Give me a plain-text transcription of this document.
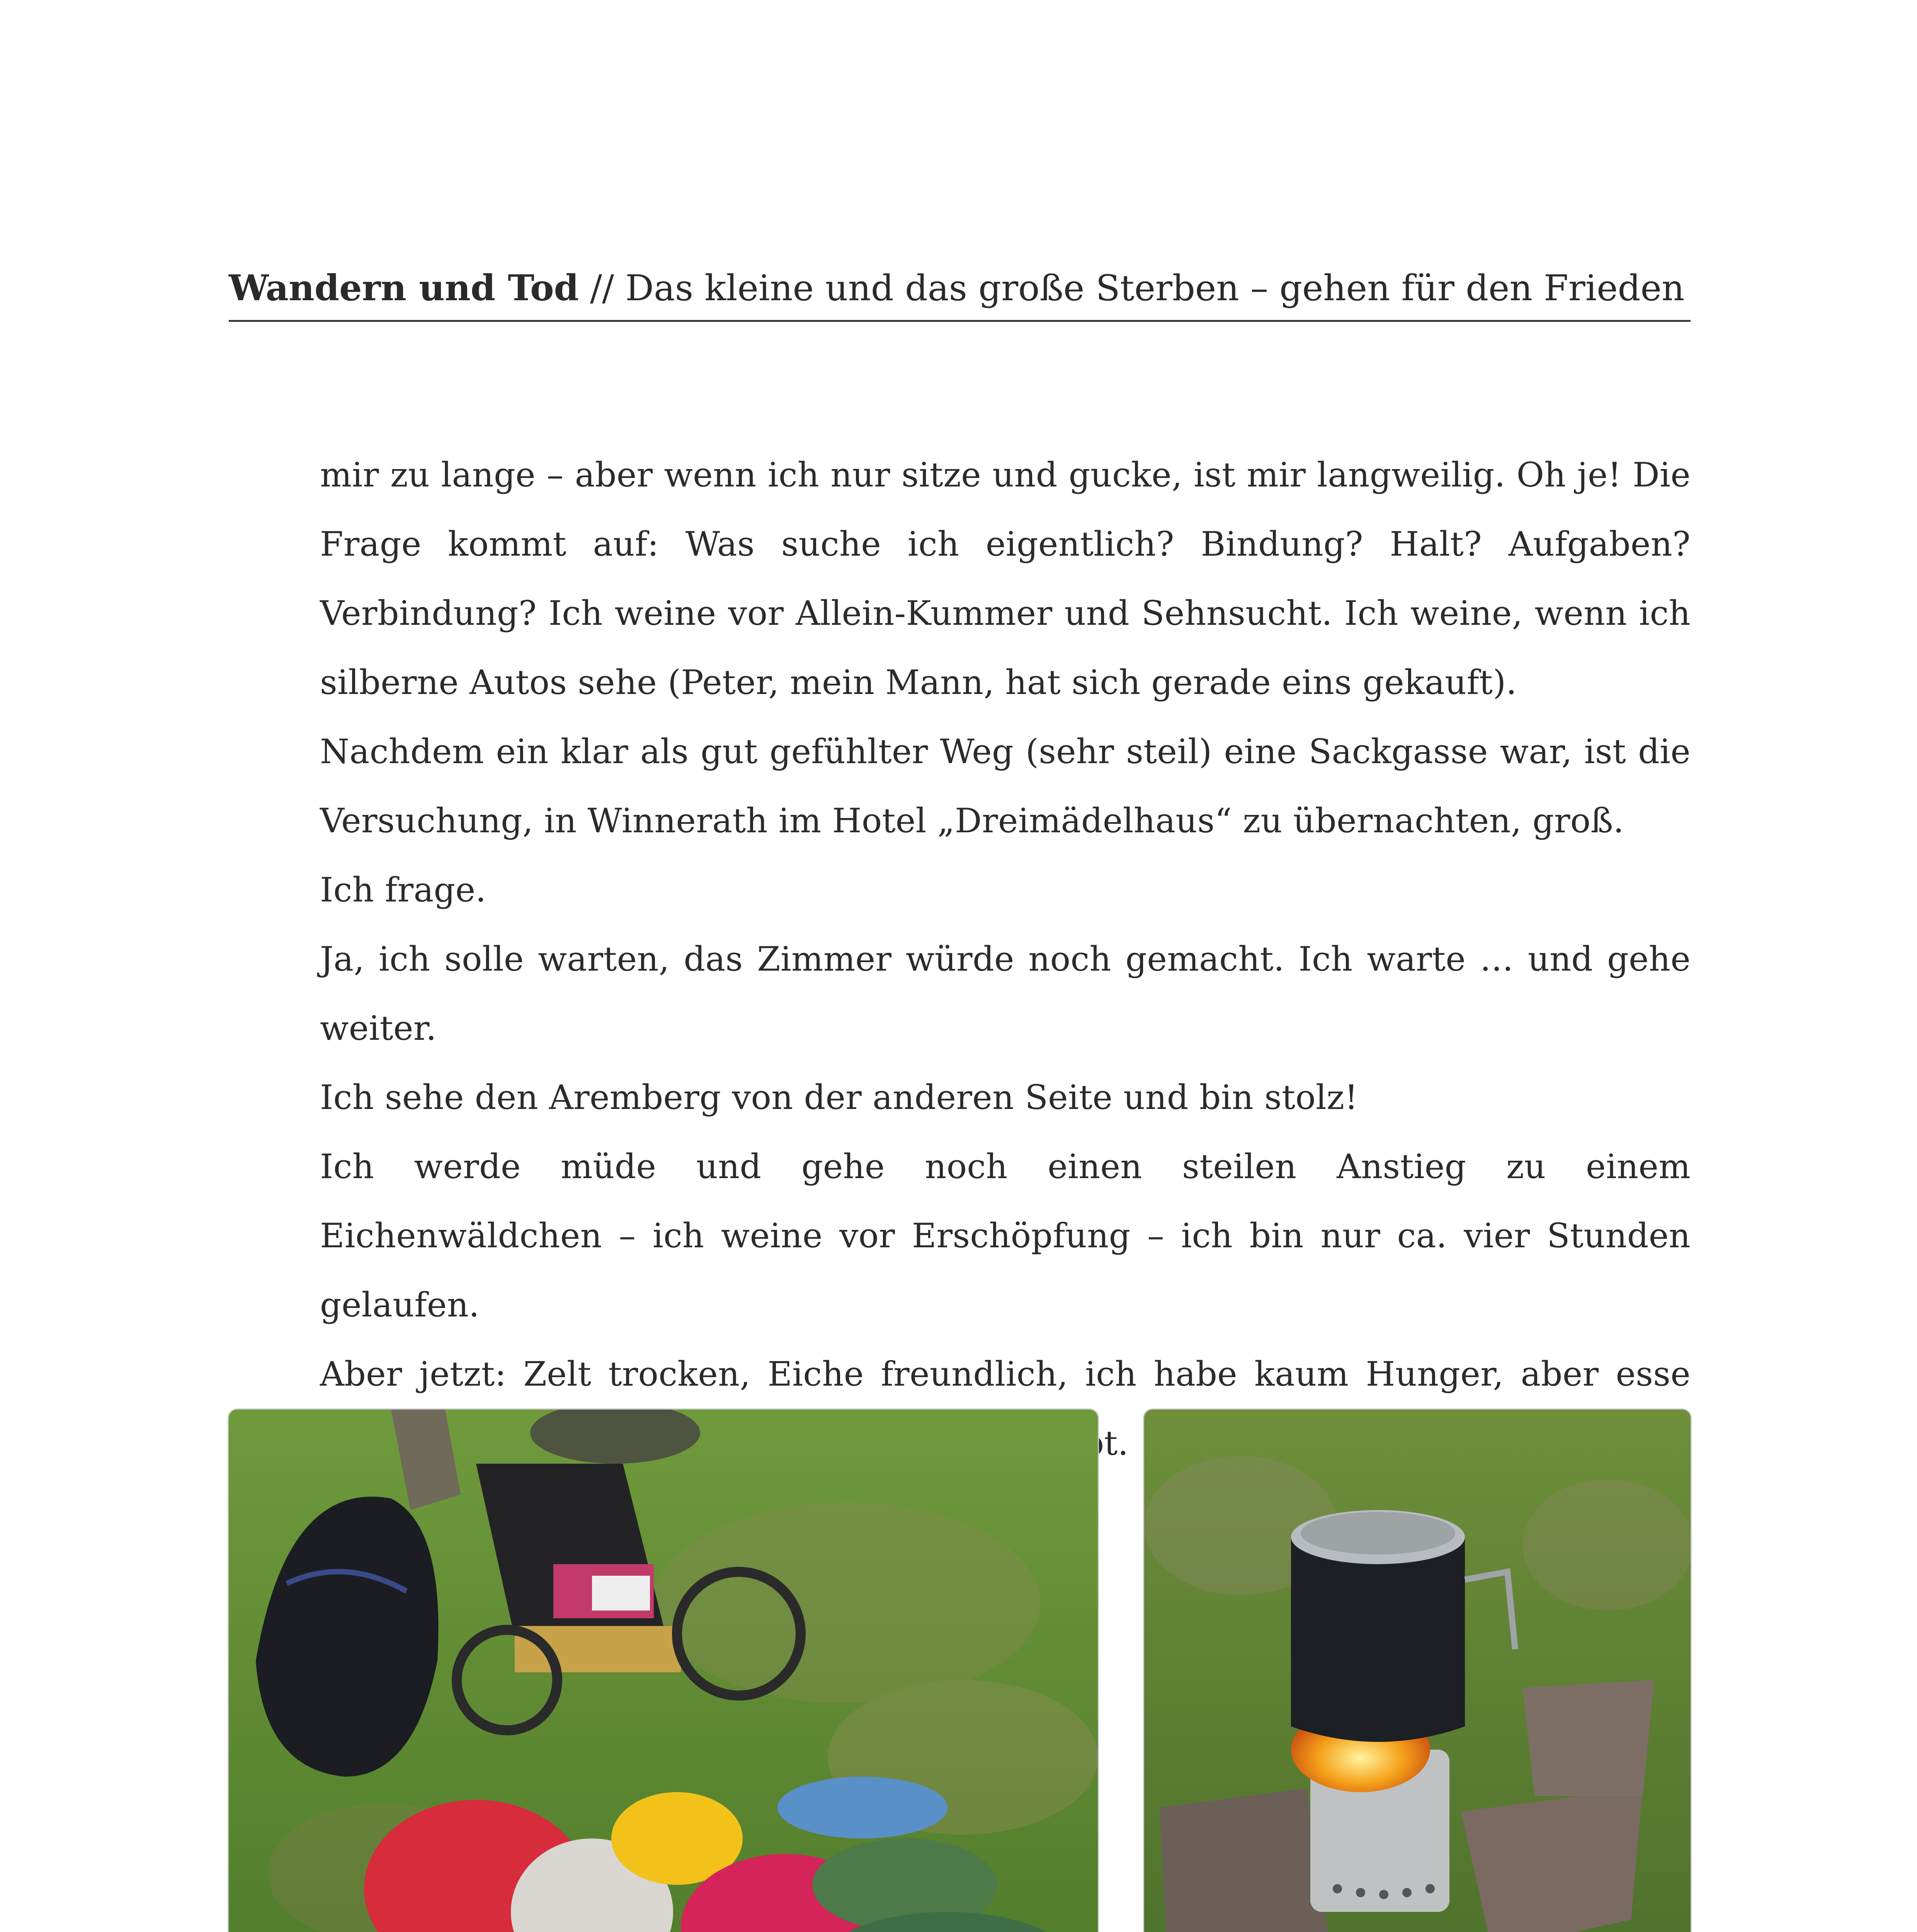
Wandern und Tod // Das kleine und das große Sterben – gehen für den Frieden

mir zu lange – aber wenn ich nur sitze und gucke, ist mir langweilig. Oh je! Die Frage kommt auf: Was suche ich eigentlich? Bindung? Halt? Aufgaben? Verbindung? Ich weine vor Allein-Kummer und Sehnsucht. Ich weine, wenn ich silberne Autos sehe (Peter, mein Mann, hat sich gerade eins gekauft).

Nachdem ein klar als gut gefühlter Weg (sehr steil) eine Sackgasse war, ist die Versuchung, in Winnerath im Hotel „Dreimädelhaus“ zu übernachten, groß.

Ich frage.

Ja, ich solle warten, das Zimmer würde noch gemacht. Ich warte … und gehe weiter.

Ich sehe den Aremberg von der anderen Seite und bin stolz!

Ich werde müde und gehe noch einen steilen Anstieg zu einem Eichenwäldchen – ich weine vor Erschöpfung – ich bin nur ca. vier Stunden gelaufen.

Aber jetzt: Zelt trocken, Eiche freundlich, ich habe kaum Hunger, aber esse
